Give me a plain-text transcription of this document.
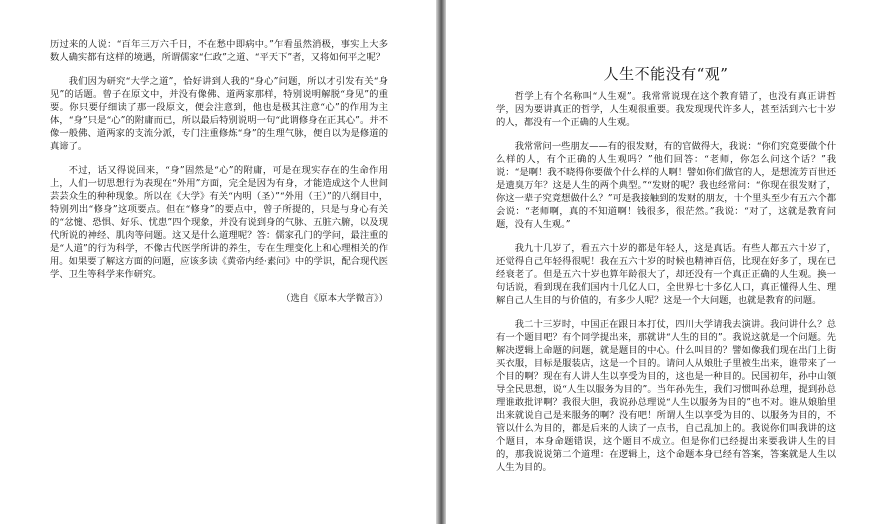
历过来的人说：“百年三万六千日，不在愁中即病中。”乍看虽然消极，事实上大多数人确实都有这样的境遇，所谓儒家“仁政”之道、“平天下”者，又将如何平之呢？

我们因为研究“大学之道”，恰好讲到人我的“身心”问题，所以才引发有关“身见”的话题。曾子在原文中，并没有像佛、道两家那样，特别说明解脱“身见”的重要。你只要仔细读了那一段原文，便会注意到，他也是极其注意“心”的作用为主体，“身”只是“心”的附庸而已，所以最后特别说明一句“此谓修身在正其心”。并不像一般佛、道两家的支流分派，专门注重修炼“身”的生理气脉，便自以为是修道的真谛了。

不过，话又得说回来，“身”固然是“心”的附庸，可是在现实存在的生命作用上，人们一切思想行为表现在“外用”方面，完全是因为有身，才能造成这个人世间芸芸众生的种种现象。所以在《大学》有关“内明（圣）”“外用（王）”的八纲目中，特别列出“修身”这项要点。但在“修身”的要点中，曾子所提的，只是与身心有关的“忿懥、恐惧、好乐、忧患”四个现象，并没有说到身的气脉、五脏六腑，以及现代所说的神经、肌肉等问题。这又是什么道理呢？答：儒家孔门的学问，最注重的是“人道”的行为科学，不像古代医学所讲的养生，专在生理变化上和心理相关的作用。如果要了解这方面的问题，应该多读《黄帝内经·素问》中的学识，配合现代医学、卫生等科学来作研究。

（选自《原本大学微言》）

人生不能没有“观”

哲学上有个名称叫“人生观”。我常常说现在这个教育错了，也没有真正讲哲学，因为要讲真正的哲学，人生观很重要。我发现现代许多人，甚至活到六七十岁的人，都没有一个正确的人生观。

我常常问一些朋友——有的很发财，有的官做得大，我说：“你们究竟要做个什么样的人，有个正确的人生观吗？”他们回答：“老师，你怎么问这个话？”我说：“是啊！我不晓得你要做个什么样的人啊！譬如你们做官的人，是想流芳百世还是遗臭万年？这是人生的两个典型。”“发财的呢？我也经常问：“你现在很发财了，你这一辈子究竟想做什么？”可是我接触到的发财的朋友，十个里头至少有五六个都会说：“老师啊，真的不知道啊！钱很多，很茫然。”我说：“对了，这就是教育问题，没有人生观。”

我九十几岁了，看五六十岁的都是年轻人，这是真话。有些人都五六十岁了，还觉得自己年轻得很呢！我在五六十岁的时候也精神百倍，比现在好多了，现在已经衰老了。但是五六十岁也算年龄很大了，却还没有一个真正正确的人生观。换一句话说，看到现在我们国内十几亿人口，全世界七十多亿人口，真正懂得人生、理解自己人生目的与价值的，有多少人呢？这是一个大问题，也就是教育的问题。

我二十三岁时，中国正在跟日本打仗，四川大学请我去演讲。我问讲什么？总有一个题目吧？有个同学提出来，那就讲“人生的目的”。我说这就是一个问题。先解决逻辑上命题的问题，就是题目的中心。什么叫目的？譬如像我们现在出门上街买衣服，目标是服装店，这是一个目的。请问人从娘肚子里被生出来，谁带来了一个目的啊？现在有人讲人生以享受为目的，这也是一种目的。民国初年，孙中山领导全民思想，说“人生以服务为目的”。当年孙先生，我们习惯叫孙总理，提到孙总理谁敢批评啊？我很大胆，我说孙总理说“人生以服务为目的”也不对。谁从娘胎里出来就说自己是来服务的啊？没有吧！所谓人生以享受为目的、以服务为目的，不管以什么为目的，都是后来的人读了一点书，自己乱加上的。我说你们叫我讲的这个题目，本身命题错误，这个题目不成立。但是你们已经提出来要我讲人生的目的，那我说说第二个道理：在逻辑上，这个命题本身已经有答案，答案就是人生以人生为目的。
